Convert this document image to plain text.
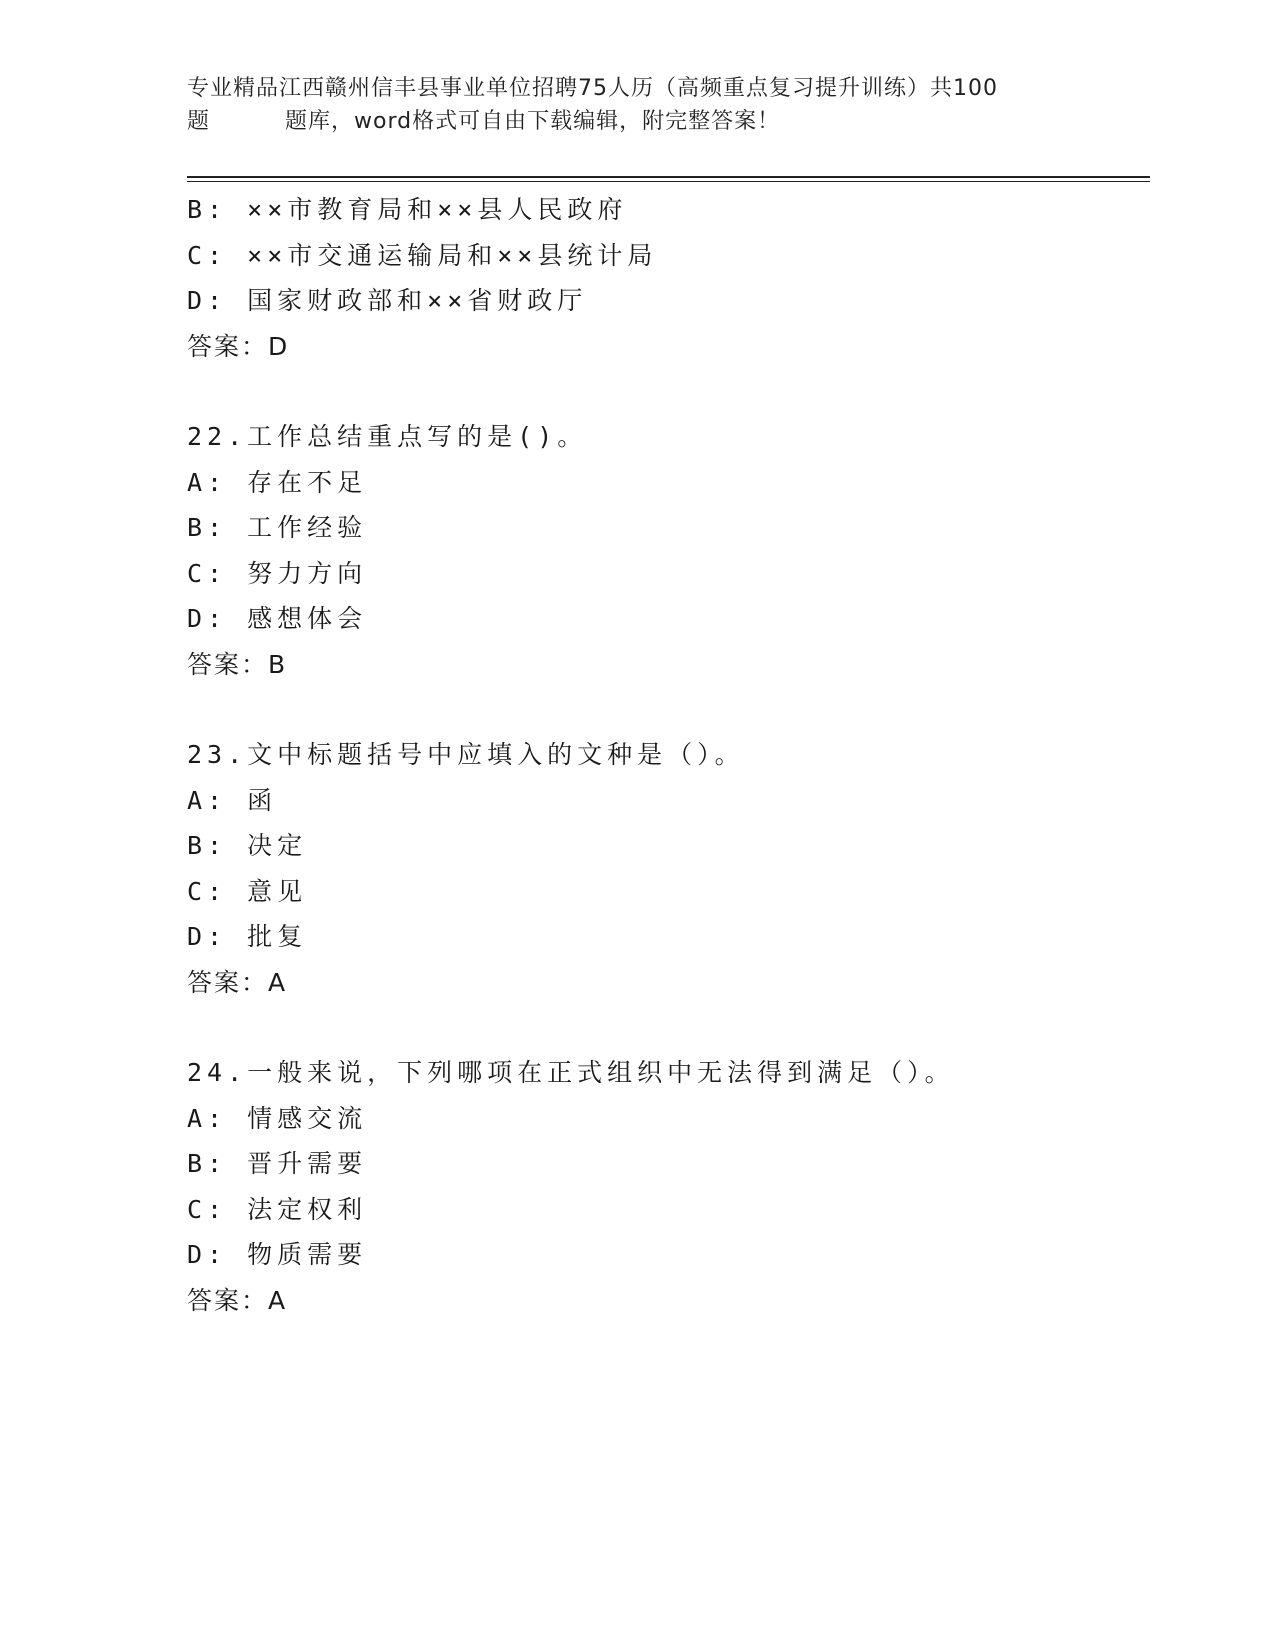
专业精品江西赣州信丰县事业单位招聘75人历（高频重点复习提升训练）共100
题	题库，word格式可自由下载编辑，附完整答案！
B: ××市教育局和××县人民政府
C: ××市交通运输局和××县统计局
D: 国家财政部和××省财政厅
答案：D
22.工作总结重点写的是()。
A: 存在不足
B: 工作经验
C: 努力方向
D: 感想体会
答案：B
23.文中标题括号中应填入的文种是（）。
A: 函
B: 决定
C: 意见
D: 批复
答案：A
24.一般来说，下列哪项在正式组织中无法得到满足（）。
A: 情感交流
B: 晋升需要
C: 法定权利
D: 物质需要
答案：A
